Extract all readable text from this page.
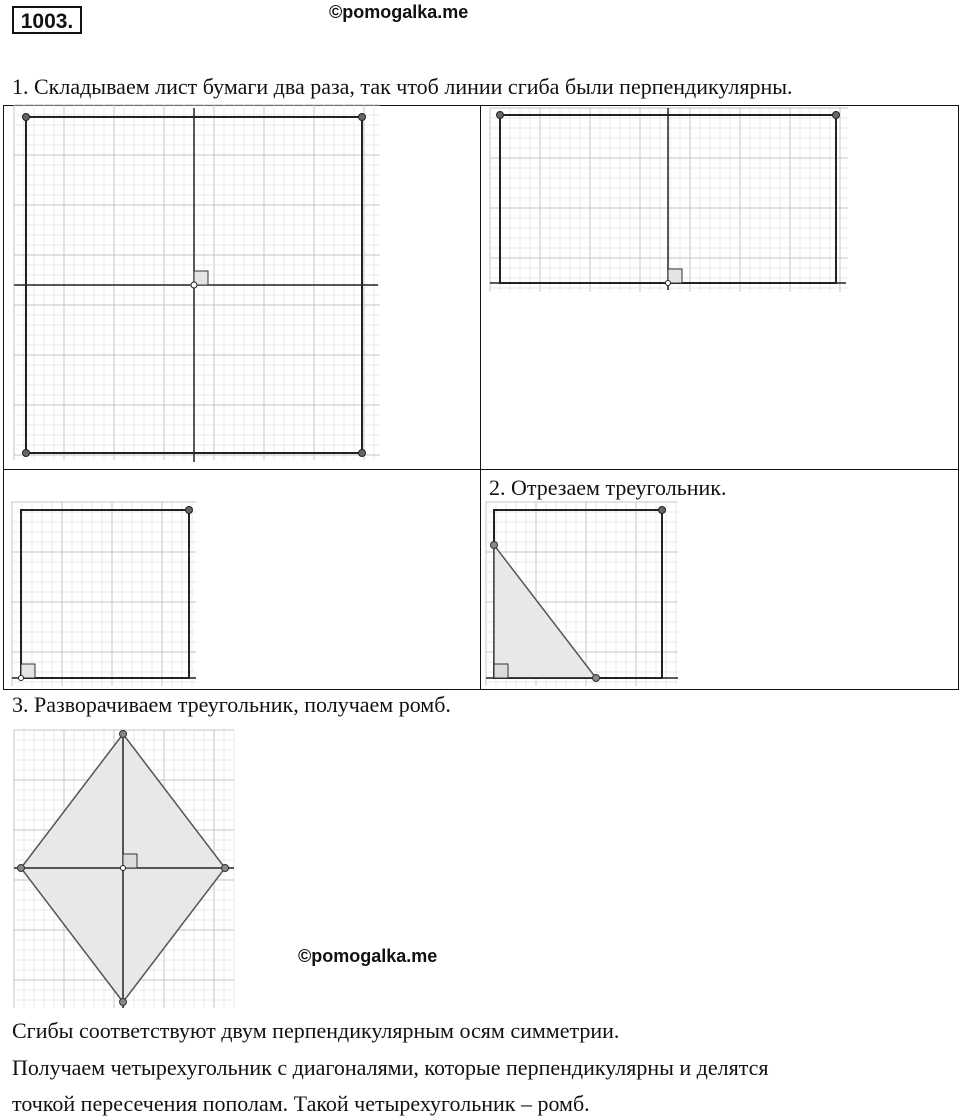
1003.	©pomogalka.me
1. Складываем лист бумаги два раза, так чтоб линии сгиба были перпендикулярны.
2. Отрезаем треугольник.
3. Разворачиваем треугольник, получаем ромб.
©pomogalka.me
Сгибы соответствуют двум перпендикулярным осям симметрии.
Получаем четырехугольник с диагоналями, которые перпендикулярны и делятся
точкой пересечения пополам. Такой четырехугольник – ромб.
